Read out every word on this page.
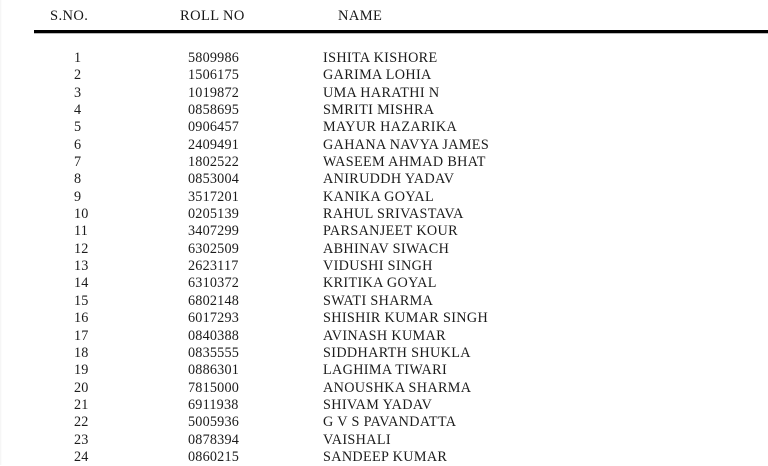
S.NO.	ROLL NO	NAME
1	5809986	ISHITA KISHORE
2	1506175	GARIMA LOHIA
3	1019872	UMA HARATHI N
4	0858695	SMRITI MISHRA
5	0906457	MAYUR HAZARIKA
6	2409491	GAHANA NAVYA JAMES
7	1802522	WASEEM AHMAD BHAT
8	0853004	ANIRUDDH YADAV
9	3517201	KANIKA GOYAL
10	0205139	RAHUL SRIVASTAVA
11	3407299	PARSANJEET KOUR
12	6302509	ABHINAV SIWACH
13	2623117	VIDUSHI SINGH
14	6310372	KRITIKA GOYAL
15	6802148	SWATI SHARMA
16	6017293	SHISHIR KUMAR SINGH
17	0840388	AVINASH KUMAR
18	0835555	SIDDHARTH SHUKLA
19	0886301	LAGHIMA TIWARI
20	7815000	ANOUSHKA SHARMA
21	6911938	SHIVAM YADAV
22	5005936	G V S PAVANDATTA
23	0878394	VAISHALI
24	0860215	SANDEEP KUMAR
